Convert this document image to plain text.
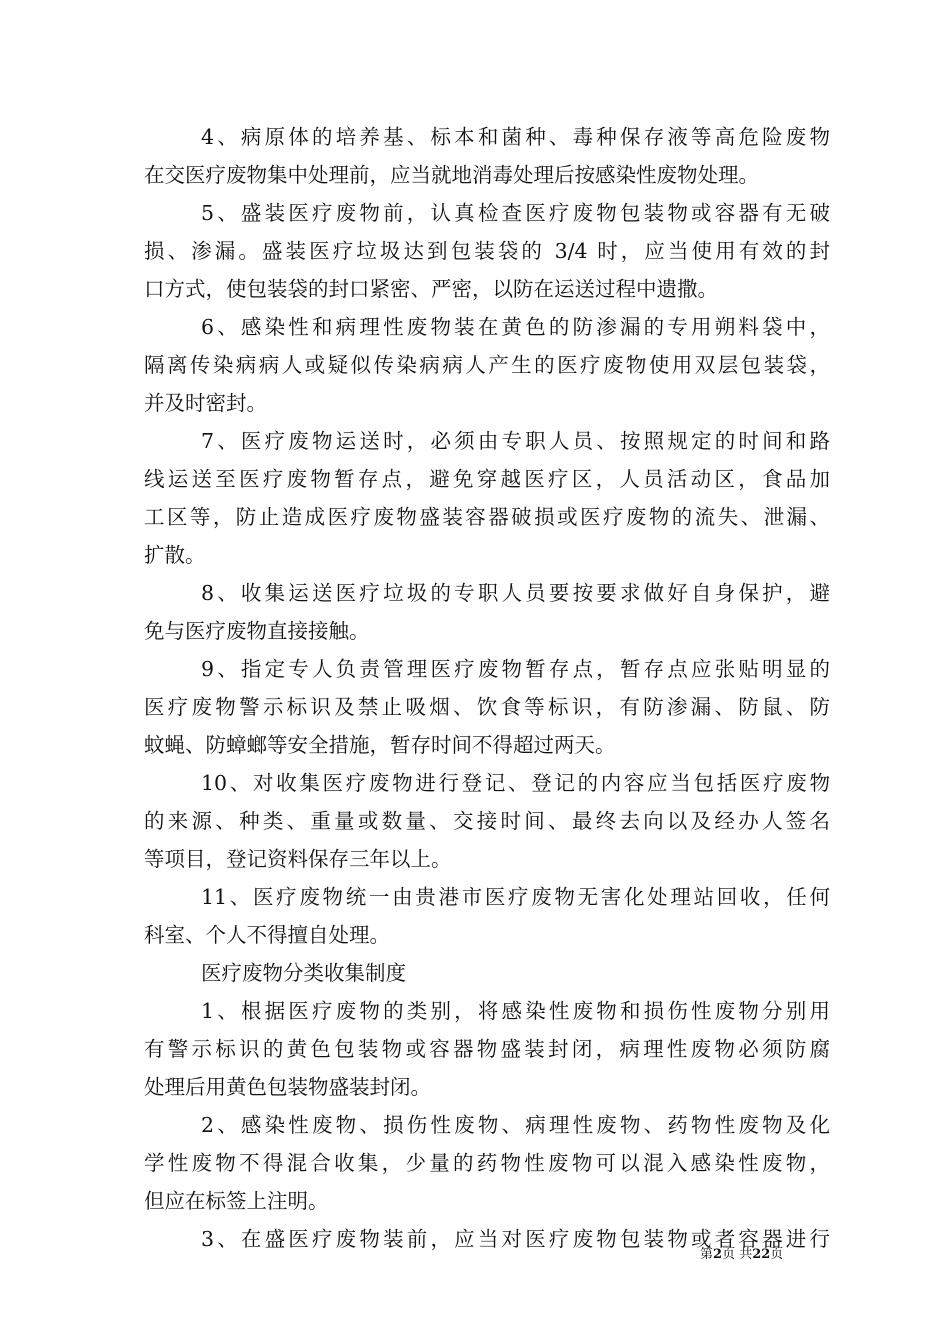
4、病原体的培养基、标本和菌种、毒种保存液等高危险废物
在交医疗废物集中处理前，应当就地消毒处理后按感染性废物处理。
5、盛装医疗废物前，认真检查医疗废物包装物或容器有无破
损、渗漏。盛装医疗垃圾达到包装袋的 3/4 时，应当使用有效的封
口方式，使包装袋的封口紧密、严密，以防在运送过程中遗撒。
6、感染性和病理性废物装在黄色的防渗漏的专用朔料袋中，
隔离传染病病人或疑似传染病病人产生的医疗废物使用双层包装袋，
并及时密封。
7、医疗废物运送时，必须由专职人员、按照规定的时间和路
线运送至医疗废物暂存点，避免穿越医疗区，人员活动区，食品加
工区等，防止造成医疗废物盛装容器破损或医疗废物的流失、泄漏、
扩散。
8、收集运送医疗垃圾的专职人员要按要求做好自身保护，避
免与医疗废物直接接触。
9、指定专人负责管理医疗废物暂存点，暂存点应张贴明显的
医疗废物警示标识及禁止吸烟、饮食等标识，有防渗漏、防鼠、防
蚊蝇、防蟑螂等安全措施，暂存时间不得超过两天。
10、对收集医疗废物进行登记、登记的内容应当包括医疗废物
的来源、种类、重量或数量、交接时间、最终去向以及经办人签名
等项目，登记资料保存三年以上。
11、医疗废物统一由贵港市医疗废物无害化处理站回收，任何
科室、个人不得擅自处理。
医疗废物分类收集制度
1、根据医疗废物的类别，将感染性废物和损伤性废物分别用
有警示标识的黄色包装物或容器物盛装封闭，病理性废物必须防腐
处理后用黄色包装物盛装封闭。
2、感染性废物、损伤性废物、病理性废物、药物性废物及化
学性废物不得混合收集，少量的药物性废物可以混入感染性废物，
但应在标签上注明。
3、在盛医疗废物装前，应当对医疗废物包装物或者容器进行
第2页 共22页
